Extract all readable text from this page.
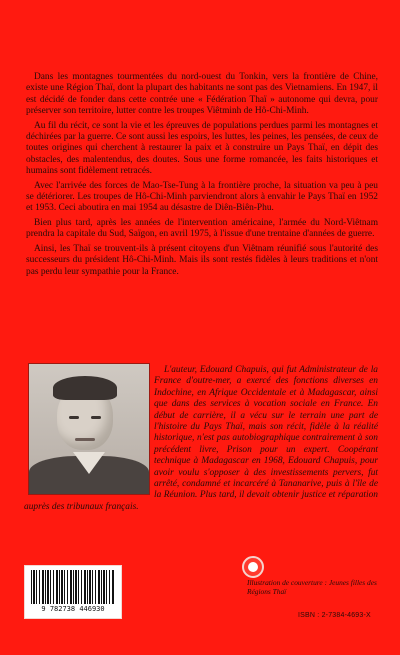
Dans les montagnes tourmentées du nord-ouest du Tonkin, vers la frontière de Chine, existe une Région Thaï, dont la plupart des habitants ne sont pas des Vietnamiens. En 1947, il est décidé de fonder dans cette contrée une « Fédération Thaï » autonome qui devra, pour préserver son territoire, lutter contre les troupes Viêtminh de Hô-Chi-Minh.

Au fil du récit, ce sont la vie et les épreuves de populations perdues parmi les montagnes et déchirées par la guerre. Ce sont aussi les espoirs, les luttes, les peines, les pensées, de ceux de toutes origines qui cherchent à restaurer la paix et à construire un Pays Thaï, en dépit des obstacles, des malentendus, des doutes. Sous une forme romancée, les faits historiques et humains sont fidèlement retracés.

Avec l'arrivée des forces de Mao-Tse-Tung à la frontière proche, la situation va peu à peu se détériorer. Les troupes de Hô-Chi-Minh parviendront alors à envahir le Pays Thaï en 1952 et 1953. Ceci aboutira en mai 1954 au désastre de Diên-Biên-Phu.

Bien plus tard, après les années de l'intervention américaine, l'armée du Nord-Viêtnam prendra la capitale du Sud, Saïgon, en avril 1975, à l'issue d'une trentaine d'années de guerre.

Ainsi, les Thaï se trouvent-ils à présent citoyens d'un Viêtnam réunifié sous l'autorité des successeurs du président Hô-Chi-Minh. Mais ils sont restés fidèles à leurs traditions et n'ont pas perdu leur sympathie pour la France.

L'auteur, Edouard Chapuis, qui fut Administrateur de la France d'outre-mer, a exercé des fonctions diverses en Indochine, en Afrique Occidentale et à Madagascar, ainsi que dans des services à vocation sociale en France. En début de carrière, il a vécu sur le terrain une part de l'histoire du Pays Thaï, mais son récit, fidèle à la réalité historique, n'est pas autobiographique contrairement à son précédent livre, Prison pour un expert. Coopérant technique à Madagascar en 1968, Edouard Chapuis, pour avoir voulu s'opposer à des investissements pervers, fut arrêté, condamné et incarcéré à Tananarive, puis à l'île de la Réunion. Plus tard, il devait obtenir justice et réparation auprès des tribunaux français.

9 782738 446930
Illustration de couverture : Jeunes filles des Régions Thaï
ISBN : 2-7384-4693-X
